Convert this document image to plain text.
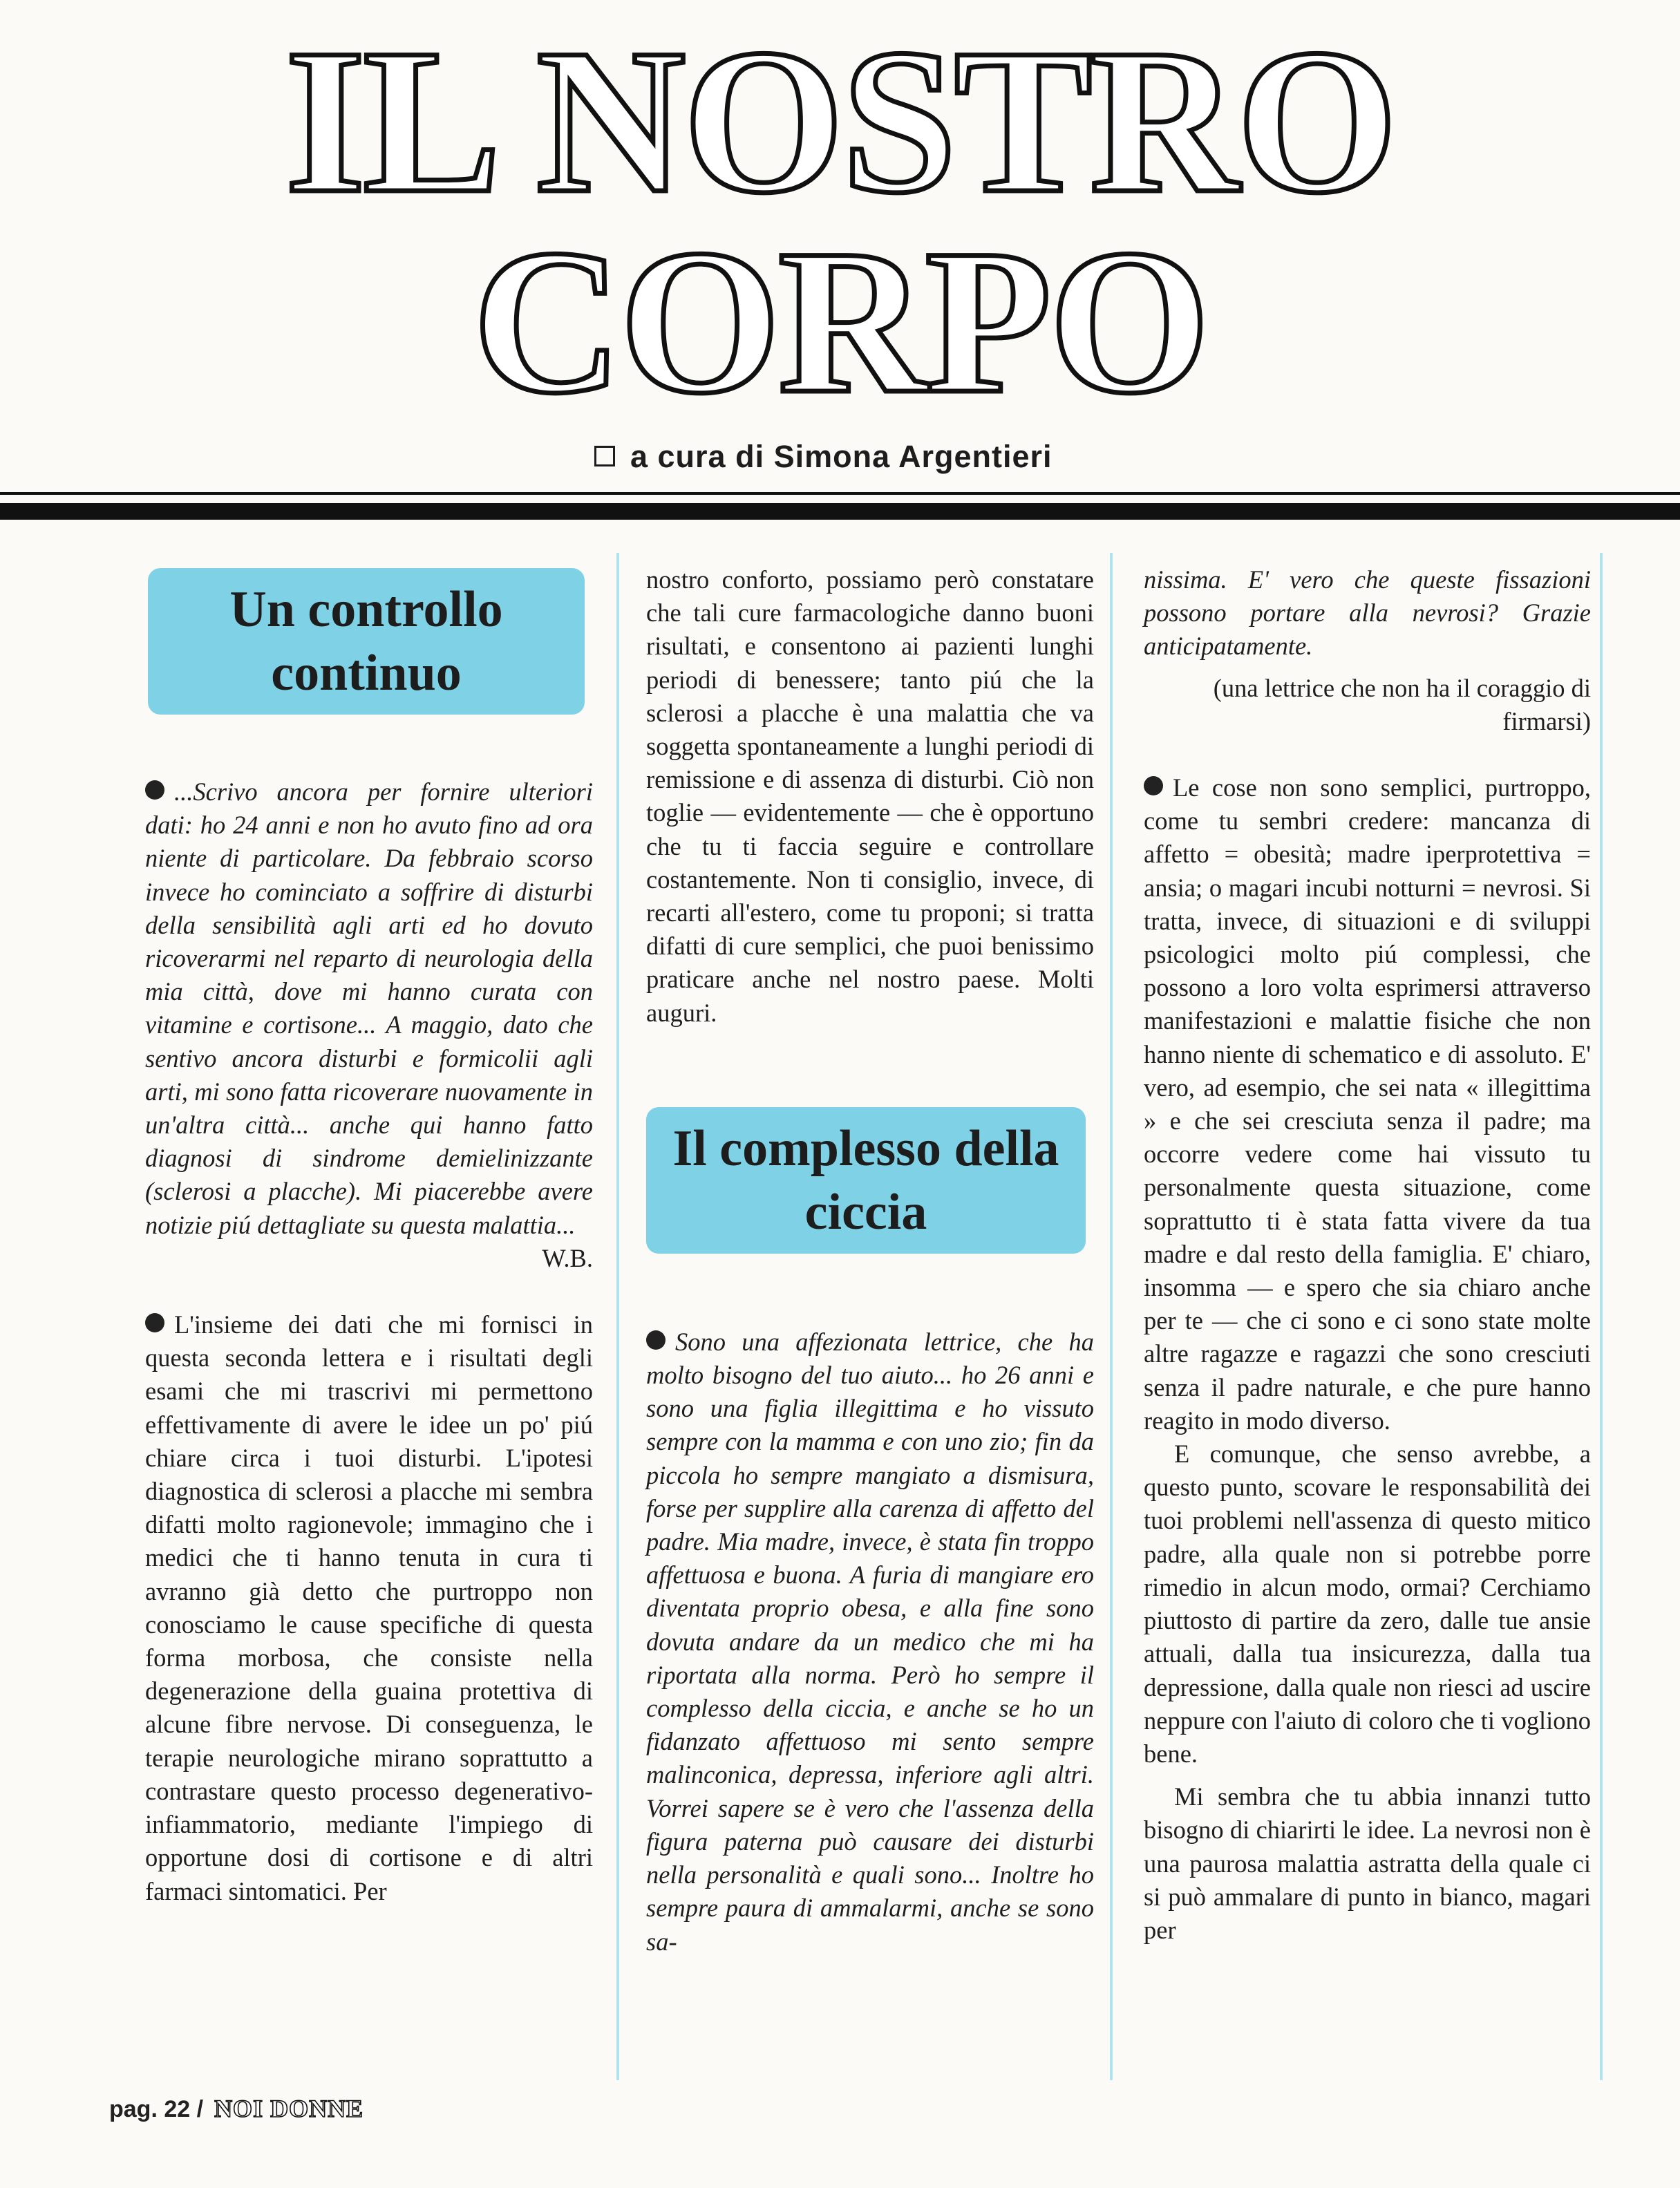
IL NOSTRO
CORPO
a cura di Simona Argentieri
Un controllo continuo

...Scrivo ancora per fornire ulteriori dati: ho 24 anni e non ho avuto fino ad ora niente di particolare. Da febbraio scorso invece ho cominciato a soffrire di disturbi della sensibilità agli arti ed ho dovuto ricoverarmi nel reparto di neurologia della mia città, dove mi hanno curata con vitamine e cortisone... A maggio, dato che sentivo ancora disturbi e formicolii agli arti, mi sono fatta ricoverare nuovamente in un'altra città... anche qui hanno fatto diagnosi di sindrome demielinizzante (sclerosi a placche). Mi piacerebbe avere notizie piú dettagliate su questa malattia...

W.B.

L'insieme dei dati che mi fornisci in questa seconda lettera e i risultati degli esami che mi trascrivi mi permettono effettivamente di avere le idee un po' piú chiare circa i tuoi disturbi. L'ipotesi diagnostica di sclerosi a placche mi sembra difatti molto ragionevole; immagino che i medici che ti hanno tenuta in cura ti avranno già detto che purtroppo non conosciamo le cause specifiche di questa forma morbosa, che consiste nella degenerazione della guaina protettiva di alcune fibre nervose. Di conseguenza, le terapie neurologiche mirano soprattutto a contrastare questo processo degenerativo-infiammatorio, mediante l'impiego di opportune dosi di cortisone e di altri farmaci sintomatici. Per

nostro conforto, possiamo però constatare che tali cure farmacologiche danno buoni risultati, e consentono ai pazienti lunghi periodi di benessere; tanto piú che la sclerosi a placche è una malattia che va soggetta spontaneamente a lunghi periodi di remissione e di assenza di disturbi. Ciò non toglie — evidentemente — che è opportuno che tu ti faccia seguire e controllare costantemente. Non ti consiglio, invece, di recarti all'estero, come tu proponi; si tratta difatti di cure semplici, che puoi benissimo praticare anche nel nostro paese. Molti auguri.

Il complesso della ciccia

Sono una affezionata lettrice, che ha molto bisogno del tuo aiuto... ho 26 anni e sono una figlia illegittima e ho vissuto sempre con la mamma e con uno zio; fin da piccola ho sempre mangiato a dismisura, forse per supplire alla carenza di affetto del padre. Mia madre, invece, è stata fin troppo affettuosa e buona. A furia di mangiare ero diventata proprio obesa, e alla fine sono dovuta andare da un medico che mi ha riportata alla norma. Però ho sempre il complesso della ciccia, e anche se ho un fidanzato affettuoso mi sento sempre malinconica, depressa, inferiore agli altri. Vorrei sapere se è vero che l'assenza della figura paterna può causare dei disturbi nella personalità e quali sono... Inoltre ho sempre paura di ammalarmi, anche se sono sa-

nissima. E' vero che queste fissazioni possono portare alla nevrosi? Grazie anticipatamente.

(una lettrice che non ha il coraggio di firmarsi)

Le cose non sono semplici, purtroppo, come tu sembri credere: mancanza di affetto = obesità; madre iperprotettiva = ansia; o magari incubi notturni = nevrosi. Si tratta, invece, di situazioni e di sviluppi psicologici molto piú complessi, che possono a loro volta esprimersi attraverso manifestazioni e malattie fisiche che non hanno niente di schematico e di assoluto. E' vero, ad esempio, che sei nata « illegittima » e che sei cresciuta senza il padre; ma occorre vedere come hai vissuto tu personalmente questa situazione, come soprattutto ti è stata fatta vivere da tua madre e dal resto della famiglia. E' chiaro, insomma — e spero che sia chiaro anche per te — che ci sono e ci sono state molte altre ragazze e ragazzi che sono cresciuti senza il padre naturale, e che pure hanno reagito in modo diverso.

E comunque, che senso avrebbe, a questo punto, scovare le responsabilità dei tuoi problemi nell'assenza di questo mitico padre, alla quale non si potrebbe porre rimedio in alcun modo, ormai? Cerchiamo piuttosto di partire da zero, dalle tue ansie attuali, dalla tua insicurezza, dalla tua depressione, dalla quale non riesci ad uscire neppure con l'aiuto di coloro che ti vogliono bene.

Mi sembra che tu abbia innanzi tutto bisogno di chiarirti le idee. La nevrosi non è una paurosa malattia astratta della quale ci si può ammalare di punto in bianco, magari per

pag. 22 / NOI DONNE
